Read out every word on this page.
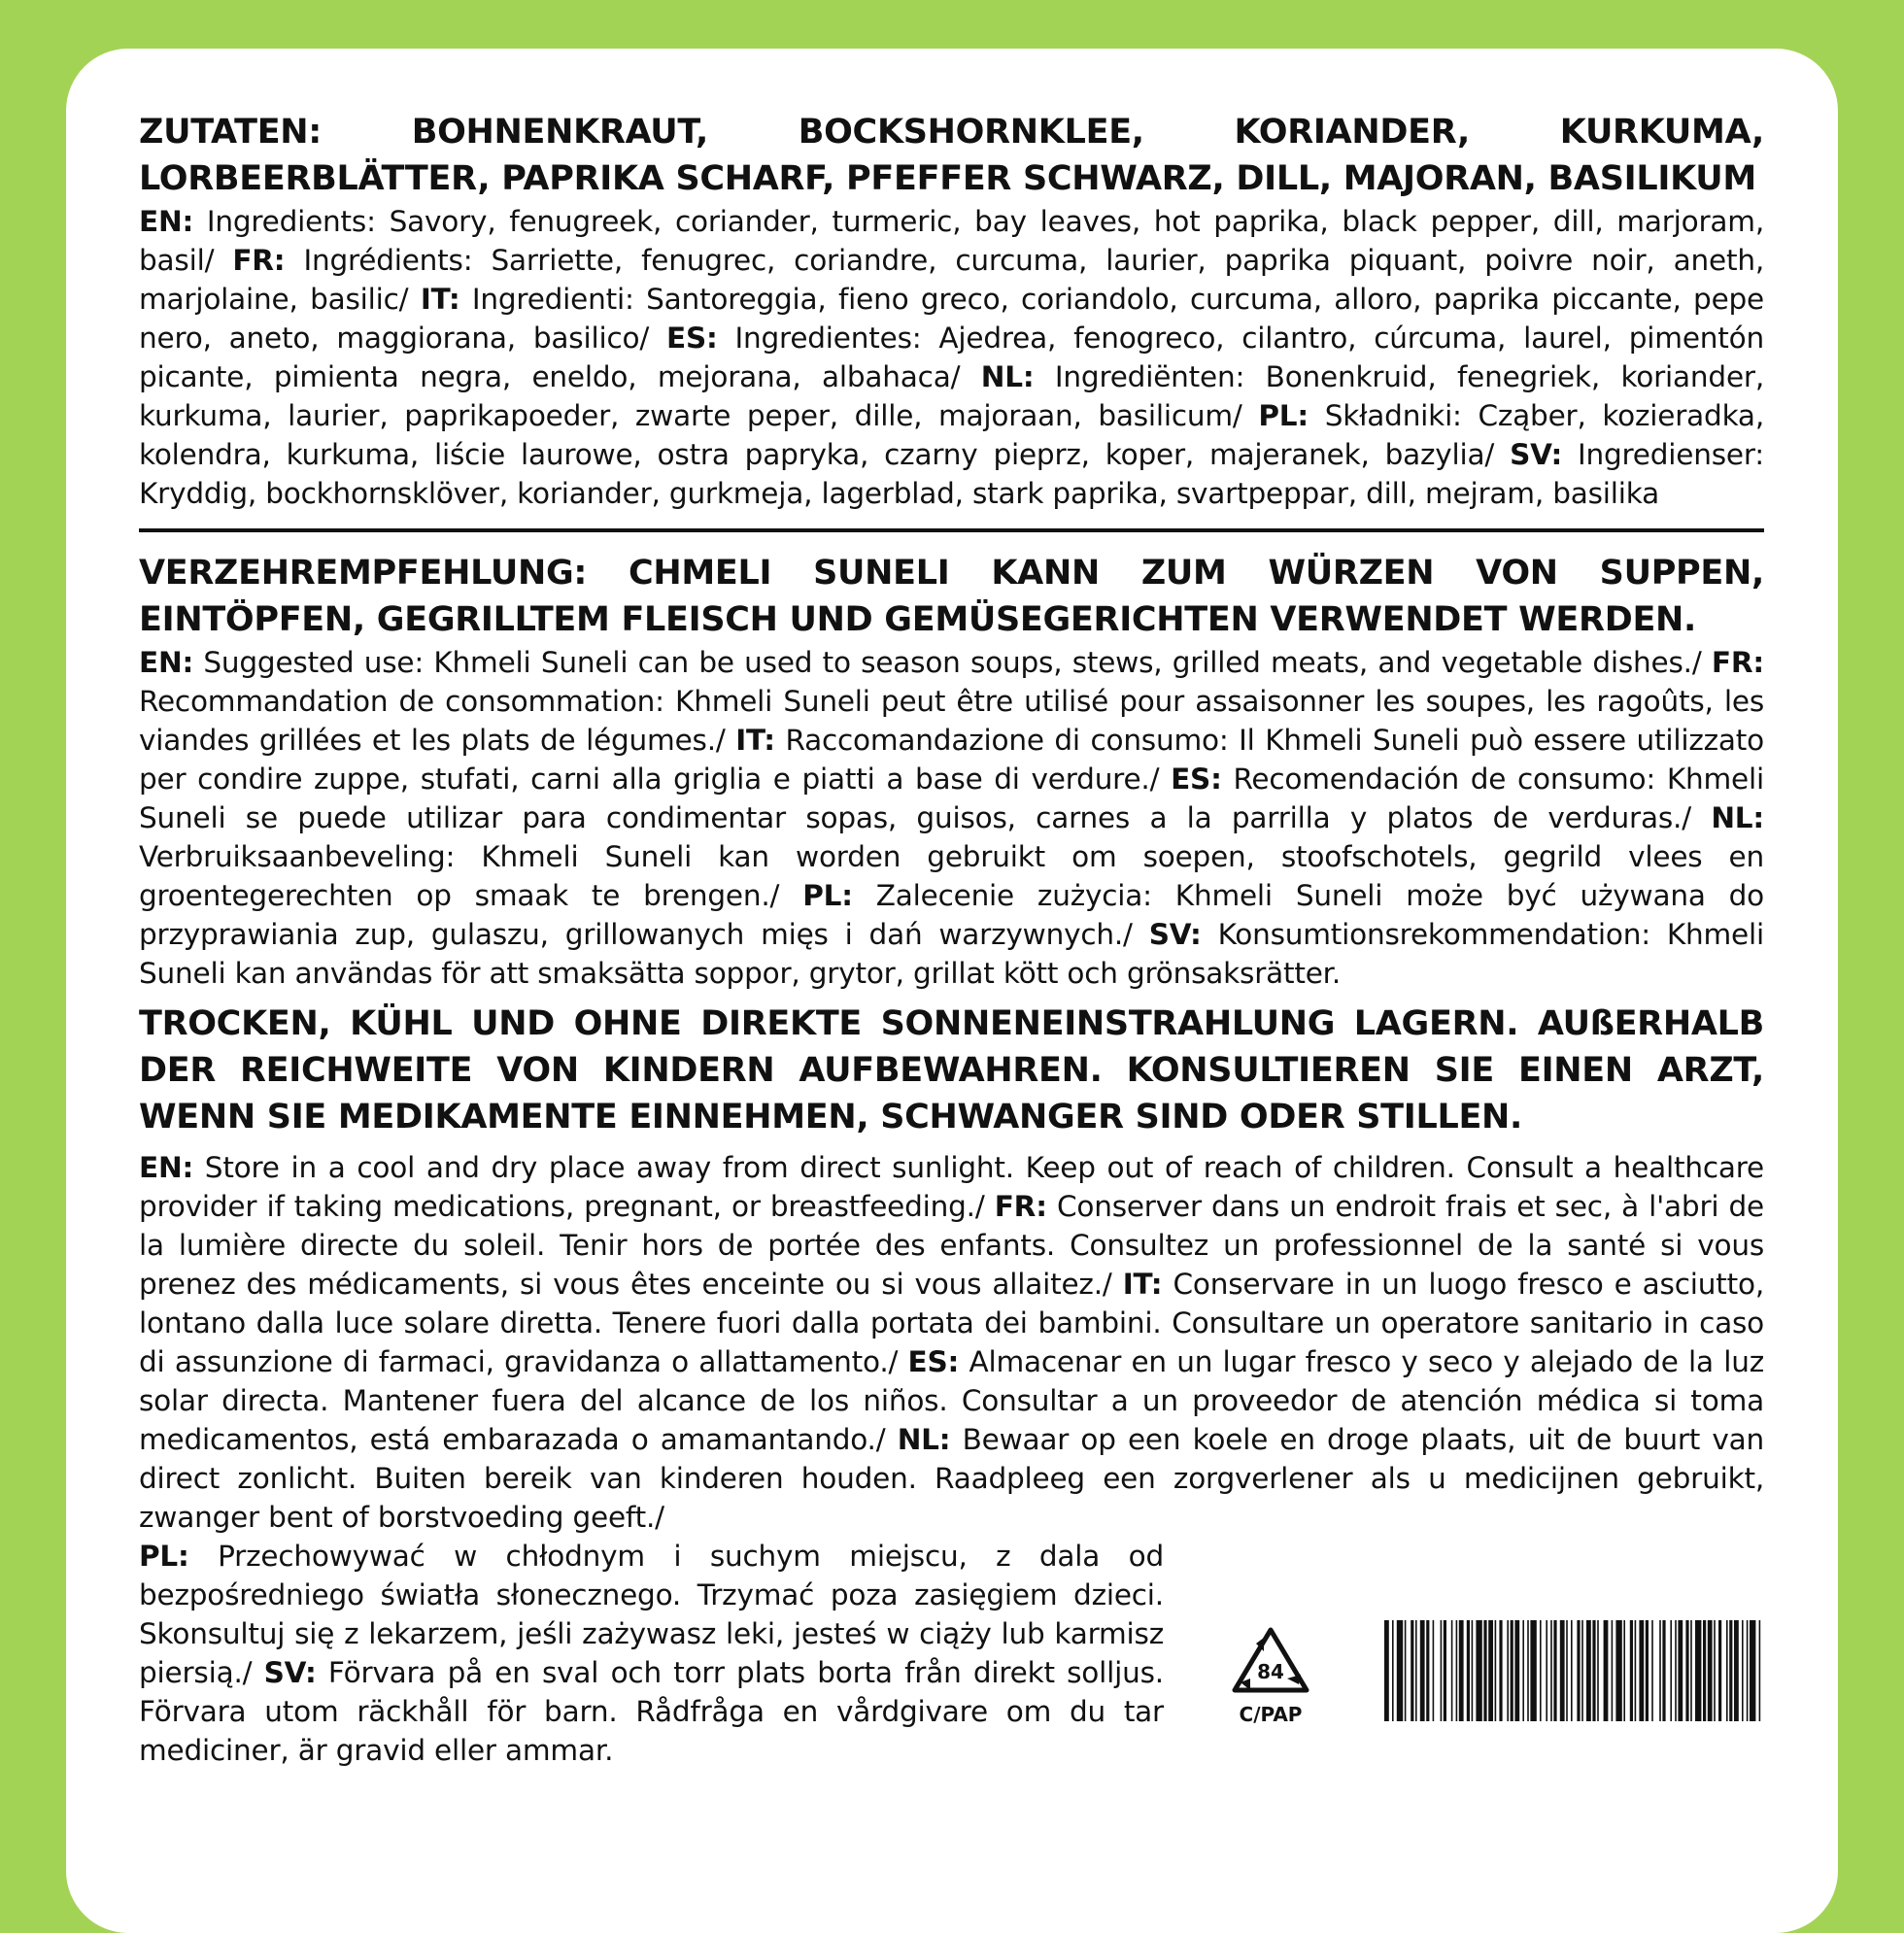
ZUTATEN: BOHNENKRAUT, BOCKSHORNKLEE, KORIANDER, KURKUMA, LORBEERBLÄTTER, PAPRIKA SCHARF, PFEFFER SCHWARZ, DILL, MAJORAN, BASILIKUM

EN: Ingredients: Savory, fenugreek, coriander, turmeric, bay leaves, hot paprika, black pepper, dill, marjoram, basil/ FR: Ingrédients: Sarriette, fenugrec, coriandre, curcuma, laurier, paprika piquant, poivre noir, aneth, marjolaine, basilic/ IT: Ingredienti: Santoreggia, fieno greco, coriandolo, curcuma, alloro, paprika piccante, pepe nero, aneto, maggiorana, basilico/ ES: Ingredientes: Ajedrea, fenogreco, cilantro, cúrcuma, laurel, pimentón picante, pimienta negra, eneldo, mejorana, albahaca/ NL: Ingrediënten: Bonenkruid, fenegriek, koriander, kurkuma, laurier, paprikapoeder, zwarte peper, dille, majoraan, basilicum/ PL: Składniki: Cząber, kozieradka, kolendra, kurkuma, liście laurowe, ostra papryka, czarny pieprz, koper, majeranek, bazylia/ SV: Ingredienser: Kryddig, bockhornsklöver, koriander, gurkmeja, lagerblad, stark paprika, svartpeppar, dill, mejram, basilika

VERZEHREMPFEHLUNG: CHMELI SUNELI KANN ZUM WÜRZEN VON SUPPEN, EINTÖPFEN, GEGRILLTEM FLEISCH UND GEMÜSEGERICHTEN VERWENDET WERDEN.

EN: Suggested use: Khmeli Suneli can be used to season soups, stews, grilled meats, and vegetable dishes./ FR: Recommandation de consommation: Khmeli Suneli peut être utilisé pour assaisonner les soupes, les ragoûts, les viandes grillées et les plats de légumes./ IT: Raccomandazione di consumo: Il Khmeli Suneli può essere utilizzato per condire zuppe, stufati, carni alla griglia e piatti a base di verdure./ ES: Recomendación de consumo: Khmeli Suneli se puede utilizar para condimentar sopas, guisos, carnes a la parrilla y platos de verduras./ NL: Verbruiksaanbeveling: Khmeli Suneli kan worden gebruikt om soepen, stoofschotels, gegrild vlees en groentegerechten op smaak te brengen./ PL: Zalecenie zużycia: Khmeli Suneli może być używana do przyprawiania zup, gulaszu, grillowanych mięs i dań warzywnych./ SV: Konsumtionsrekommendation: Khmeli Suneli kan användas för att smaksätta soppor, grytor, grillat kött och grönsaksrätter.

TROCKEN, KÜHL UND OHNE DIREKTE SONNENEINSTRAHLUNG LAGERN. AUßERHALB DER REICHWEITE VON KINDERN AUFBEWAHREN. KONSULTIEREN SIE EINEN ARZT, WENN SIE MEDIKAMENTE EINNEHMEN, SCHWANGER SIND ODER STILLEN.

EN: Store in a cool and dry place away from direct sunlight. Keep out of reach of children. Consult a healthcare provider if taking medications, pregnant, or breastfeeding./ FR: Conserver dans un endroit frais et sec, à l'abri de la lumière directe du soleil. Tenir hors de portée des enfants. Consultez un professionnel de la santé si vous prenez des médicaments, si vous êtes enceinte ou si vous allaitez./ IT: Conservare in un luogo fresco e asciutto, lontano dalla luce solare diretta. Tenere fuori dalla portata dei bambini. Consultare un operatore sanitario in caso di assunzione di farmaci, gravidanza o allattamento./ ES: Almacenar en un lugar fresco y seco y alejado de la luz solar directa. Mantener fuera del alcance de los niños. Consultar a un proveedor de atención médica si toma medicamentos, está embarazada o amamantando./ NL: Bewaar op een koele en droge plaats, uit de buurt van direct zonlicht. Buiten bereik van kinderen houden. Raadpleeg een zorgverlener als u medicijnen gebruikt, zwanger bent of borstvoeding geeft./

PL: Przechowywać w chłodnym i suchym miejscu, z dala od bezpośredniego światła słonecznego. Trzymać poza zasięgiem dzieci. Skonsultuj się z lekarzem, jeśli zażywasz leki, jesteś w ciąży lub karmisz piersią./ SV: Förvara på en sval och torr plats borta från direkt solljus. Förvara utom räckhåll för barn. Rådfråga en vårdgivare om du tar mediciner, är gravid eller ammar.

84
C/PAP
